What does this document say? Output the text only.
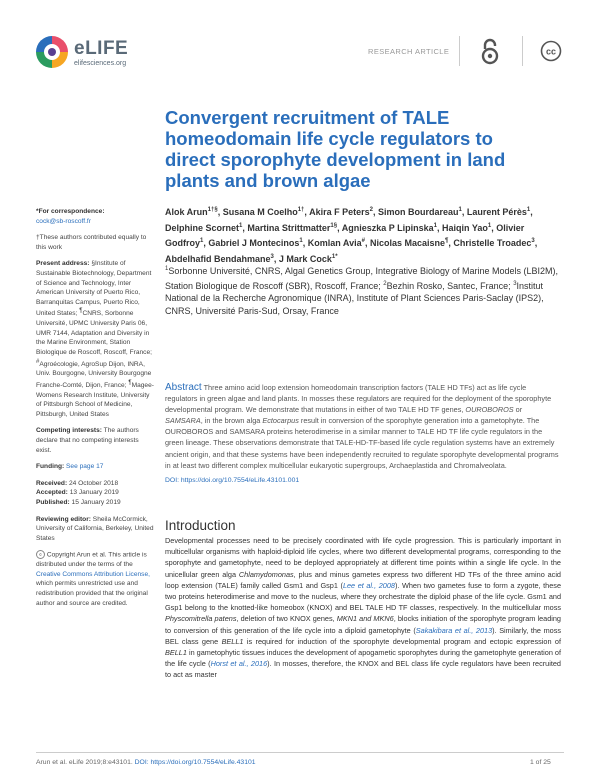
eLIFE
elifesciences.org
RESEARCH ARTICLE	cc
Convergent recruitment of TALE homeodomain life cycle regulators to direct sporophyte development in land plants and brown algae

Alok Arun$^{1\dagger\S}$, Susana M Coelho$^{1\dagger}$, Akira F Peters$^2$, Simon Bourdareau$^1$, Laurent Pérès$^1$, Delphine Scornet$^1$, Martina Strittmatter$^{1\S}$, Agnieszka P Lipinska$^1$, Haiqin Yao$^1$, Olivier Godfroy$^1$, Gabriel J Montecinos$^1$, Komlan Avia#, Nicolas Macaisne¶, Christelle Troadec$^3$, Abdelhafid Bendahmane$^3$, J Mark Cock$^{1*}$

$^1$Sorbonne Université, CNRS, Algal Genetics Group, Integrative Biology of Marine Models (LBI2M), Station Biologique de Roscoff (SBR), Roscoff, France; $^2$Bezhin Rosko, Santec, France; $^3$Institut National de la Recherche Agronomique (INRA), Institute of Plant Sciences Paris-Saclay (IPS2), CNRS, Université Paris-Sud, Orsay, France

Abstract Three amino acid loop extension homeodomain transcription factors (TALE HD TFs) act as life cycle regulators in green algae and land plants. In mosses these regulators are required for the deployment of the sporophyte developmental program. We demonstrate that mutations in either of two TALE HD TF genes, OUROBOROS or SAMSARA, in the brown alga Ectocarpus result in conversion of the sporophyte generation into a gametophyte. The OUROBOROS and SAMSARA proteins heterodimerise in a similar manner to TALE HD TF life cycle regulators in the green lineage. These observations demonstrate that TALE-HD-TF-based life cycle regulation systems have an extremely ancient origin, and that these systems have been independently recruited to regulate sporophyte developmental programs in at least two different complex multicellular eukaryotic supergroups, Archaeplastida and Chromalveolata.

DOI: https://doi.org/10.7554/eLife.43101.001
Introduction

Developmental processes need to be precisely coordinated with life cycle progression. This is particularly important in multicellular organisms with haploid-diploid life cycles, where two different developmental programs, corresponding to the sporophyte and gametophyte, need to be deployed appropriately at different time points within a single life cycle. In the unicellular green alga Chlamydomonas, plus and minus gametes express two different HD TFs of the three amino acid loop extension (TALE) family called Gsm1 and Gsp1 (Lee et al., 2008). When two gametes fuse to form a zygote, these two proteins heterodimerise and move to the nucleus, where they orchestrate the diploid phase of the life cycle. Gsm1 and Gsp1 belong to the knotted-like homeobox (KNOX) and BEL TALE HD TF classes, respectively. In the multicellular moss Physcomitrella patens, deletion of two KNOX genes, MKN1 and MKN6, blocks initiation of the sporophyte program leading to conversion of this generation of the life cycle into a diploid gametophyte (Sakakibara et al., 2013). Similarly, the moss BEL class gene BELL1 is required for induction of the sporophyte developmental program and ectopic expression of BELL1 in gametophytic tissues induces the development of apogametic sporophytes during the gametophyte generation of the life cycle (Horst et al., 2016). In mosses, therefore, the KNOX and BEL class life cycle regulators have been recruited to act as master

*For correspondence:
cock@sb-roscoff.fr

†These authors contributed equally to this work

Present address: §Institute of Sustainable Biotechnology, Department of Science and Technology, Inter American University of Puerto Rico, Barranquitas Campus, Puerto Rico, United States; ¶CNRS, Sorbonne Université, UPMC University Paris 06, UMR 7144, Adaptation and Diversity in the Marine Environment, Station Biologique de Roscoff, Roscoff, France; #Agroécologie, AgroSup Dijon, INRA, Univ. Bourgogne, University Bourgogne Franche-Comté, Dijon, France; ¶Magee-Womens Research Institute, University of Pittsburgh School of Medicine, Pittsburgh, United States

Competing interests: The authors declare that no competing interests exist.

Funding: See page 17

Received: 24 October 2018
Accepted: 13 January 2019
Published: 15 January 2019

Reviewing editor: Sheila McCormick, University of California, Berkeley, United States

© Copyright Arun et al. This article is distributed under the terms of the Creative Commons Attribution License, which permits unrestricted use and redistribution provided that the original author and source are credited.

Arun et al. eLife 2019;8:e43101. DOI: https://doi.org/10.7554/eLife.43101	1 of 25
